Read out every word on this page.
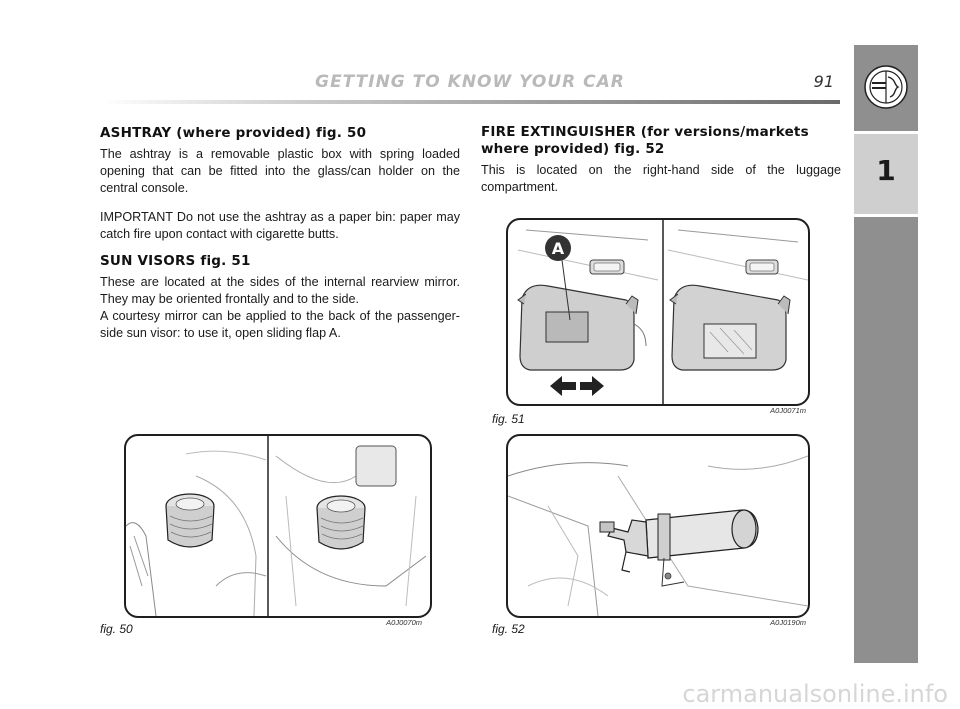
GETTING TO KNOW YOUR CAR	91
1
ASHTRAY (where provided) fig. 50

The ashtray is a removable plastic box with spring loaded opening that can be fitted into the glass/can holder on the central console.

IMPORTANT Do not use the ashtray as a paper bin: paper may catch fire upon contact with cigarette butts.

SUN VISORS fig. 51

These are located at the sides of the internal rearview mirror. They may be oriented frontally and to the side.

A courtesy mirror can be applied to the back of the passenger-side sun visor: to use it, open sliding flap A.

FIRE EXTINGUISHER (for versions/markets where provided) fig. 52

This is located on the right-hand side of the luggage compartment.

A
fig. 51
A0J0071m
fig. 52	A0J0190m
fig. 50	A0J0070m
carmanualsonline.info
